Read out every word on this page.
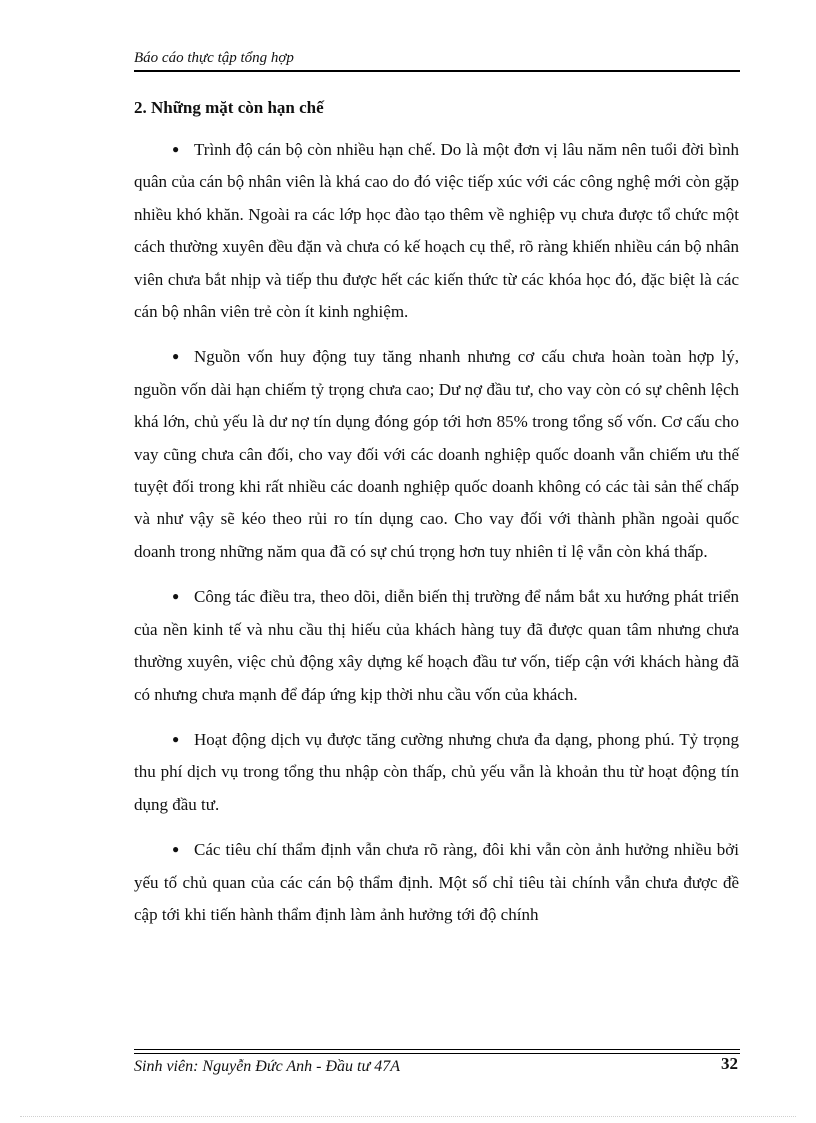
Báo cáo thực tập tổng hợp
2. Những mặt còn hạn chế

● Trình độ cán bộ còn nhiều hạn chế. Do là một đơn vị lâu năm nên tuổi đời bình quân của cán bộ nhân viên là khá cao do đó việc tiếp xúc với các công nghệ mới còn gặp nhiều khó khăn. Ngoài ra các lớp học đào tạo thêm về nghiệp vụ chưa được tổ chức một cách thường xuyên đều đặn và chưa có kế hoạch cụ thể, rõ ràng khiến nhiều cán bộ nhân viên chưa bắt nhịp và tiếp thu được hết các kiến thức từ các khóa học đó, đặc biệt là các cán bộ nhân viên trẻ còn ít kinh nghiệm.

● Nguồn vốn huy động tuy tăng nhanh nhưng cơ cấu chưa hoàn toàn hợp lý, nguồn vốn dài hạn chiếm tỷ trọng chưa cao; Dư nợ đầu tư, cho vay còn có sự chênh lệch khá lớn, chủ yếu là dư nợ tín dụng đóng góp tới hơn 85% trong tổng số vốn. Cơ cấu cho vay cũng chưa cân đối, cho vay đối với các doanh nghiệp quốc doanh vẫn chiếm ưu thế tuyệt đối trong khi rất nhiều các doanh nghiệp quốc doanh không có các tài sản thế chấp và như vậy sẽ kéo theo rủi ro tín dụng cao. Cho vay đối với thành phần ngoài quốc doanh trong những năm qua đã có sự chú trọng hơn tuy nhiên tỉ lệ vẫn còn khá thấp.

● Công tác điều tra, theo dõi, diễn biến thị trường để nắm bắt xu hướng phát triển của nền kinh tế và nhu cầu thị hiếu của khách hàng tuy đã được quan tâm nhưng chưa thường xuyên, việc chủ động xây dựng kế hoạch đầu tư vốn, tiếp cận với khách hàng đã có nhưng chưa mạnh để đáp ứng kịp thời nhu cầu vốn của khách.

● Hoạt động dịch vụ được tăng cường nhưng chưa đa dạng, phong phú. Tỷ trọng thu phí dịch vụ trong tổng thu nhập còn thấp, chủ yếu vẫn là khoản thu từ hoạt động tín dụng đầu tư.

● Các tiêu chí thẩm định vẫn chưa rõ ràng, đôi khi vẫn còn ảnh hưởng nhiều bởi yếu tố chủ quan của các cán bộ thẩm định. Một số chỉ tiêu tài chính vẫn chưa được đề cập tới khi tiến hành thẩm định làm ảnh hưởng tới độ chính

Sinh viên: Nguyễn Đức Anh - Đầu tư 47A	32
